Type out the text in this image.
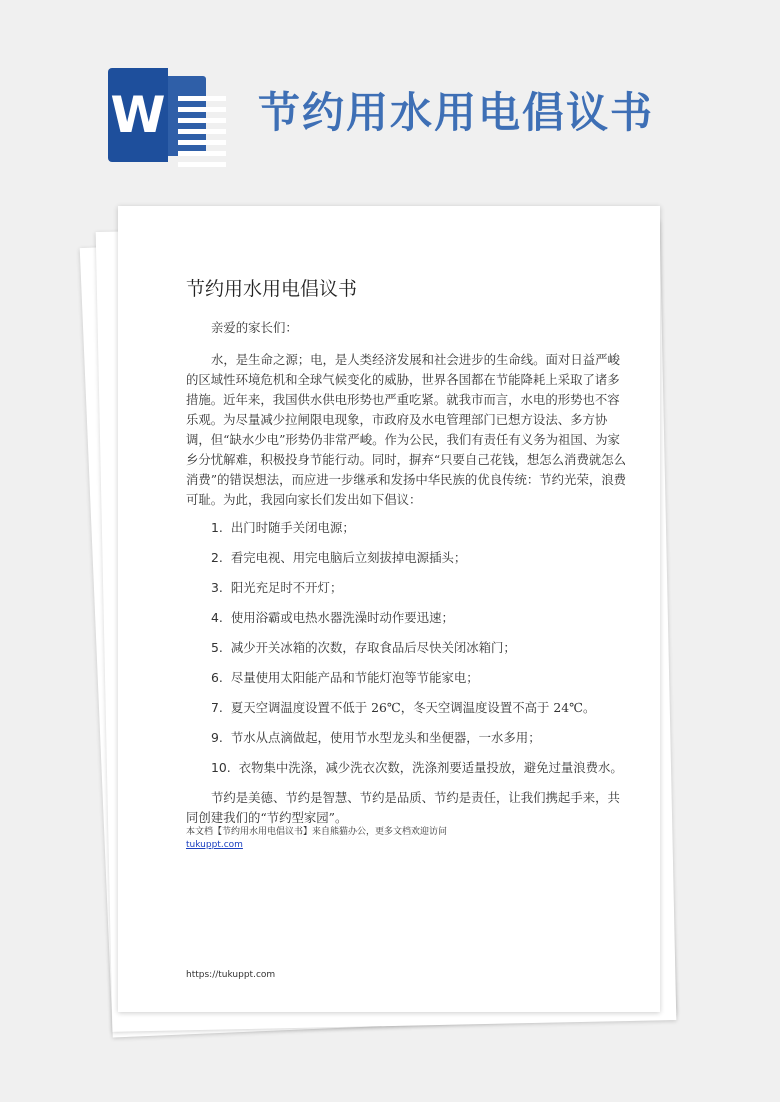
W 节约用水用电倡议书
节约用水用电倡议书

亲爱的家长们：

水，是生命之源；电，是人类经济发展和社会进步的生命线。面对日益严峻的区域性环境危机和全球气候变化的威胁，世界各国都在节能降耗上采取了诸多措施。近年来，我国供水供电形势也严重吃紧。就我市而言，水电的形势也不容乐观。为尽量减少拉闸限电现象，市政府及水电管理部门已想方设法、多方协调，但“缺水少电”形势仍非常严峻。作为公民，我们有责任有义务为祖国、为家乡分忧解难，积极投身节能行动。同时，摒弃“只要自己花钱，想怎么消费就怎么消费”的错误想法，而应进一步继承和发扬中华民族的优良传统：节约光荣，浪费可耻。为此，我园向家长们发出如下倡议：

1. 出门时随手关闭电源；

2. 看完电视、用完电脑后立刻拔掉电源插头；

3. 阳光充足时不开灯；

4. 使用浴霸或电热水器洗澡时动作要迅速；

5. 减少开关冰箱的次数，存取食品后尽快关闭冰箱门；

6. 尽量使用太阳能产品和节能灯泡等节能家电；

7. 夏天空调温度设置不低于 26℃，冬天空调温度设置不高于 24℃。

9. 节水从点滴做起，使用节水型龙头和坐便器，一水多用；

10. 衣物集中洗涤，减少洗衣次数，洗涤剂要适量投放，避免过量浪费水。

节约是美德、节约是智慧、节约是品质、节约是责任，让我们携起手来，共同创建我们的“节约型家园”。

本文档【节约用水用电倡议书】来自熊猫办公，更多文档欢迎访问
tukuppt.com
https://tukuppt.com
